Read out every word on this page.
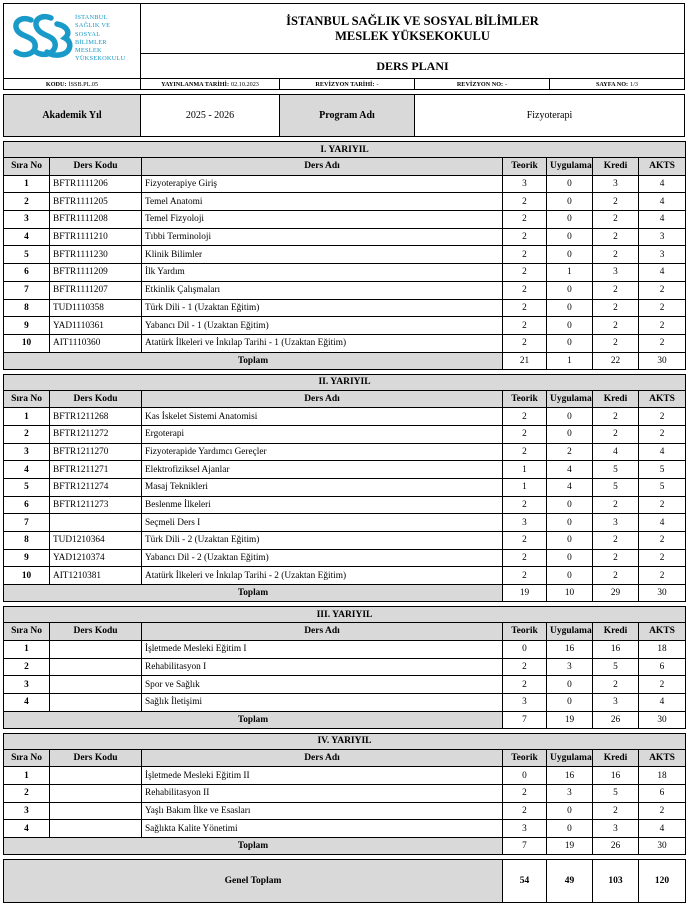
İSTANBUL
SAĞLIK VE
SOSYAL
BİLİMLER
MESLEK
YÜKSEKOKULU
İSTANBUL SAĞLIK VE SOSYAL BİLİMLER
MESLEK YÜKSEKOKULU
DERS PLANI
KODU: İSSB.PL.05	YAYINLANMA TARİHİ: 02.10.2023	REVİZYON TARİHİ: -	REVİZYON NO: -	SAYFA NO: 1/3
Akademik Yıl	2025 - 2026	Program Adı	Fizyoterapi
I. YARIYIL						
Sıra No	Ders Kodu	Ders Adı	Teorik	Uygulama	Kredi	AKTS
1	BFTR1111206	Fizyoterapiye Giriş	3	0	3	4
2	BFTR1111205	Temel Anatomi	2	0	2	4
3	BFTR1111208	Temel Fizyoloji	2	0	2	4
4	BFTR1111210	Tıbbi Terminoloji	2	0	2	3
5	BFTR1111230	Klinik Bilimler	2	0	2	3
6	BFTR1111209	İlk Yardım	2	1	3	4
7	BFTR1111207	Etkinlik Çalışmaları	2	0	2	2
8	TUD1110358	Türk Dili - 1 (Uzaktan Eğitim)	2	0	2	2
9	YAD1110361	Yabancı Dil - 1 (Uzaktan Eğitim)	2	0	2	2
10	AIT1110360	Atatürk İlkeleri ve İnkılap Tarihi - 1 (Uzaktan Eğitim)	2	0	2	2
Toplam			21	1	22	30
II. YARIYIL						
Sıra No	Ders Kodu	Ders Adı	Teorik	Uygulama	Kredi	AKTS
1	BFTR1211268	Kas İskelet Sistemi Anatomisi	2	0	2	2
2	BFTR1211272	Ergoterapi	2	0	2	2
3	BFTR1211270	Fizyoterapide Yardımcı Gereçler	2	2	4	4
4	BFTR1211271	Elektrofiziksel Ajanlar	1	4	5	5
5	BFTR1211274	Masaj Teknikleri	1	4	5	5
6	BFTR1211273	Beslenme İlkeleri	2	0	2	2
7		Seçmeli Ders I	3	0	3	4
8	TUD1210364	Türk Dili - 2 (Uzaktan Eğitim)	2	0	2	2
9	YAD1210374	Yabancı Dil - 2 (Uzaktan Eğitim)	2	0	2	2
10	AIT1210381	Atatürk İlkeleri ve İnkılap Tarihi - 2 (Uzaktan Eğitim)	2	0	2	2
Toplam			19	10	29	30
III. YARIYIL						
Sıra No	Ders Kodu	Ders Adı	Teorik	Uygulama	Kredi	AKTS
1		İşletmede Mesleki Eğitim I	0	16	16	18
2		Rehabilitasyon I	2	3	5	6
3		Spor ve Sağlık	2	0	2	2
4		Sağlık İletişimi	3	0	3	4
Toplam			7	19	26	30
IV. YARIYIL						
Sıra No	Ders Kodu	Ders Adı	Teorik	Uygulama	Kredi	AKTS
1		İşletmede Mesleki Eğitim II	0	16	16	18
2		Rehabilitasyon II	2	3	5	6
3		Yaşlı Bakım İlke ve Esasları	2	0	2	2
4		Sağlıkta Kalite Yönetimi	3	0	3	4
Toplam			7	19	26	30
Genel Toplam	54	49	103	120
